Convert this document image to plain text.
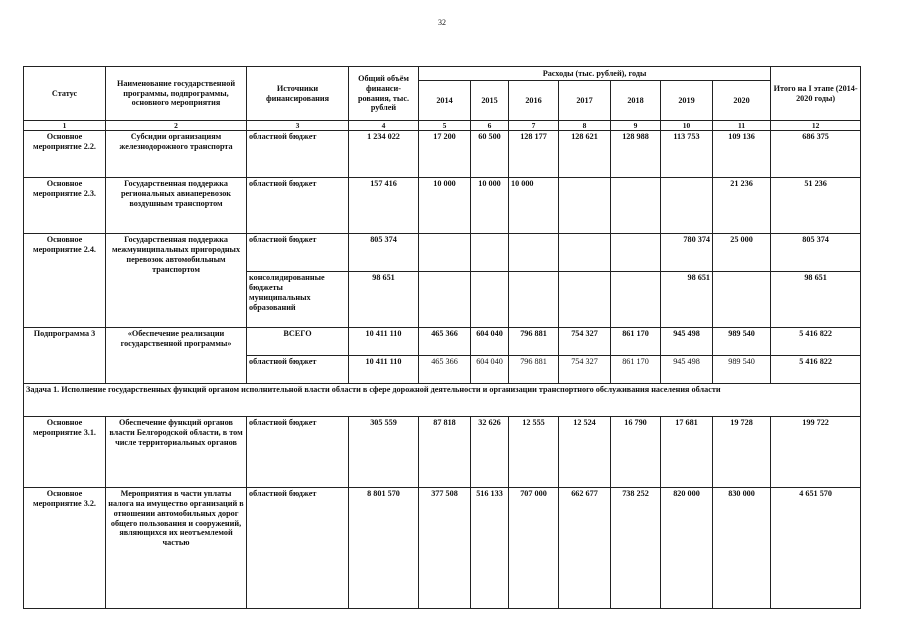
32
Статус	Наименование государственной программы, подпрограммы, основного мероприятия	Источники финансирования	Общий объём финанси-рования, тыс. рублей	Расходы (тыс. рублей), годы							Итого на I этапе (2014-2020 годы)
				2014	2015	2016	2017	2018	2019	2020	
1	2	3	4	5	6	7	8	9	10	11	12
Основное мероприятие 2.2.	Субсидии организациям железнодорожного транспорта	областной бюджет	1 234 022	17 200	60 500	128 177	128 621	128 988	113 753	109 136	686 375
Основное мероприятие 2.3.	Государственная поддержка региональных авиаперевозок воздушным транспортом	областной бюджет	157 416	10 000	10 000	10 000				21 236	51 236
Основное мероприятие 2.4.	Государственная поддержка межмуниципальных пригородных перевозок автомобильным транспортом	областной бюджет	805 374						780 374	25 000	805 374
		консолидированные бюджеты муниципальных образований	98 651						98 651		98 651
Подпрограмма 3	«Обеспечение реализации государственной программы»	ВСЕГО	10 411 110	465 366	604 040	796 881	754 327	861 170	945 498	989 540	5 416 822
		областной бюджет	10 411 110	465 366	604 040	796 881	754 327	861 170	945 498	989 540	5 416 822
Задача 1. Исполнение государственных функций органом исполнительной власти области в сфере дорожной деятельности и организации транспортного обслуживания населения области											
Основное мероприятие 3.1.	Обеспечение функций органов власти Белгородской области, в том числе территориальных органов	областной бюджет	305 559	87 818	32 626	12 555	12 524	16 790	17 681	19 728	199 722
Основное мероприятие 3.2.	Мероприятия в части уплаты налога на имущество организаций в отношении автомобильных дорог общего пользования и сооружений, являющихся их неотъемлемой частью	областной бюджет	8 801 570	377 508	516 133	707 000	662 677	738 252	820 000	830 000	4 651 570
